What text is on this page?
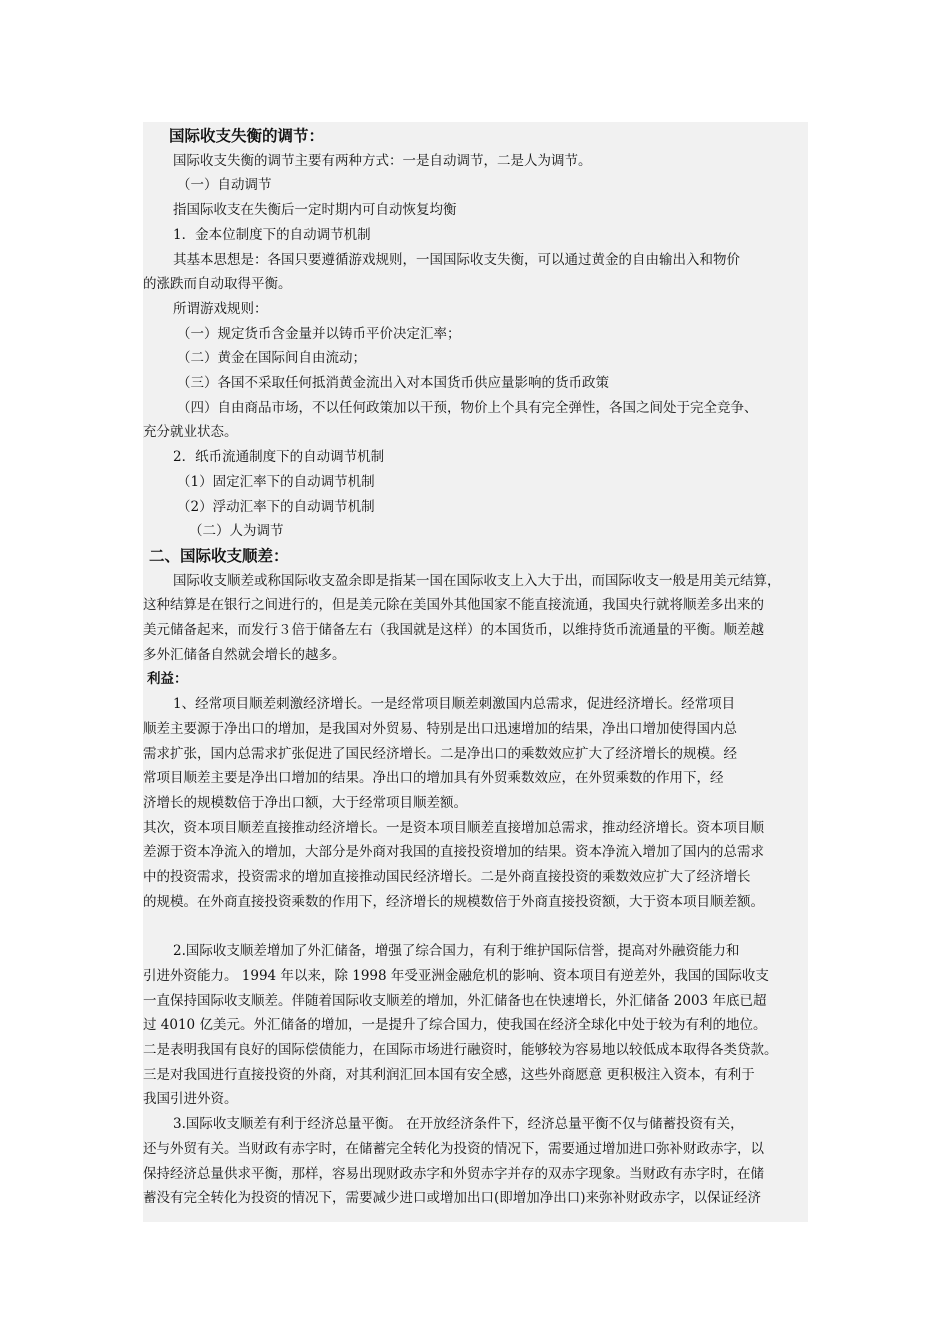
国际收支失衡的调节：

国际收支失衡的调节主要有两种方式：一是自动调节，二是人为调节。

（一）自动调节

指国际收支在失衡后一定时期内可自动恢复均衡

1．金本位制度下的自动调节机制

其基本思想是：各国只要遵循游戏规则，一国国际收支失衡，可以通过黄金的自由输出入和物价

的涨跌而自动取得平衡。

所谓游戏规则：

（一）规定货币含金量并以铸币平价决定汇率；

（二）黄金在国际间自由流动；

（三）各国不采取任何抵消黄金流出入对本国货币供应量影响的货币政策

（四）自由商品市场，不以任何政策加以干预，物价上个具有完全弹性，各国之间处于完全竞争、

充分就业状态。

2．纸币流通制度下的自动调节机制

（1）固定汇率下的自动调节机制

（2）浮动汇率下的自动调节机制

（二）人为调节

二、国际收支顺差：

国际收支顺差或称国际收支盈余即是指某一国在国际收支上入大于出，而国际收支一般是用美元结算，

这种结算是在银行之间进行的，但是美元除在美国外其他国家不能直接流通，我国央行就将顺差多出来的

美元储备起来，而发行３倍于储备左右（我国就是这样）的本国货币，以维持货币流通量的平衡。顺差越

多外汇储备自然就会增长的越多。

利益：

1、经常项目顺差刺激经济增长。一是经常项目顺差刺激国内总需求，促进经济增长。经常项目

顺差主要源于净出口的增加，是我国对外贸易、特别是出口迅速增加的结果，净出口增加使得国内总

需求扩张，国内总需求扩张促进了国民经济增长。二是净出口的乘数效应扩大了经济增长的规模。经

常项目顺差主要是净出口增加的结果。净出口的增加具有外贸乘数效应，在外贸乘数的作用下，经

济增长的规模数倍于净出口额，大于经常项目顺差额。

其次，资本项目顺差直接推动经济增长。一是资本项目顺差直接增加总需求，推动经济增长。资本项目顺

差源于资本净流入的增加，大部分是外商对我国的直接投资增加的结果。资本净流入增加了国内的总需求

中的投资需求，投资需求的增加直接推动国民经济增长。二是外商直接投资的乘数效应扩大了经济增长

的规模。在外商直接投资乘数的作用下，经济增长的规模数倍于外商直接投资额，大于资本项目顺差额。

2.国际收支顺差增加了外汇储备，增强了综合国力，有利于维护国际信誉，提高对外融资能力和

引进外资能力。 1994 年以来，除 1998 年受亚洲金融危机的影响、资本项目有逆差外，我国的国际收支

一直保持国际收支顺差。伴随着国际收支顺差的增加，外汇储备也在快速增长，外汇储备 2003 年底已超

过 4010 亿美元。外汇储备的增加，一是提升了综合国力，使我国在经济全球化中处于较为有利的地位。

二是表明我国有良好的国际偿债能力，在国际市场进行融资时，能够较为容易地以较低成本取得各类贷款。

三是对我国进行直接投资的外商，对其利润汇回本国有安全感，这些外商愿意 更积极注入资本，有利于

我国引进外资。

3.国际收支顺差有利于经济总量平衡。 在开放经济条件下，经济总量平衡不仅与储蓄投资有关，

还与外贸有关。当财政有赤字时，在储蓄完全转化为投资的情况下，需要通过增加进口弥补财政赤字，以

保持经济总量供求平衡，那样，容易出现财政赤字和外贸赤字并存的双赤字现象。当财政有赤字时，在储

蓄没有完全转化为投资的情况下，需要减少进口或增加出口(即增加净出口)来弥补财政赤字，以保证经济
